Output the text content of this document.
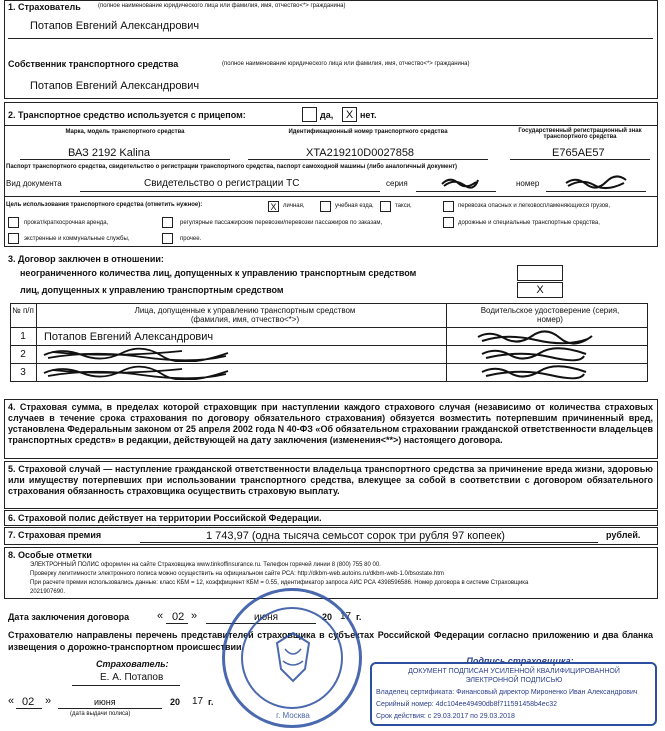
1. Страхователь	(полное наименование юридического лица или фамилия, имя, отчество<*> гражданина)
Потапов Евгений Александрович
Собственник транспортного средства	(полное наименование юридического лица или фамилия, имя, отчество<*> гражданина)
Потапов Евгений Александрович
2. Транспортное средство используется с прицепом:	да,	X нет.
Марка, модель транспортного средства	Идентификационный номер транспортного средства	Государственный регистрационный знак транспортного средства
ВАЗ 2192 Kalina	XTA219210D0027858	Е765АЕ57
Паспорт транспортного средства, свидетельство о регистрации транспортного средства, паспорт самоходной машины (либо аналогичный документ)
Вид документа	Свидетельство о регистрации ТС	серия	номер
Цель использования транспортного средства (отметить нужное):	X	личная,	учебная езда,	такси,	перевозка опасных и легковоспламеняющихся грузов,
прокат/краткосрочная аренда,	регулярные пассажирские перевозки/перевозки пассажиров по заказам,	дорожные и специальные транспортные средства,
экстренные и коммунальные службы,	прочее.
3. Договор заключен в отношении:
неограниченного количества лиц, допущенных к управлению транспортным средством
лиц, допущенных к управлению транспортным средством	X
№ п/п	Лица, допущенные к управлению транспортным средством (фамилия, имя, отчество<*>)
Водительское удостоверение (серия, номер)
1	Потапов Евгений Александрович
2
3
4. Страховая сумма, в пределах которой страховщик при наступлении каждого страхового случая (независимо от количества страховых случаев в течение срока страхования по договору обязательного страхования) обязуется возместить потерпевшим причиненный вред, установлена Федеральным законом от 25 апреля 2002 года N 40-ФЗ «Об обязательном страховании гражданской ответственности владельцев транспортных средств» в редакции, действующей на дату заключения (изменения<**>) настоящего договора.
5. Страховой случай — наступление гражданской ответственности владельца транспортного средства за причинение вреда жизни, здоровью или имуществу потерпевших при использовании транспортного средства, влекущее за собой в соответствии с договором обязательного страхования обязанность страховщика осуществить страховую выплату.
6. Страховой полис действует на территории Российской Федерации.
7. Страховая премия	1 743,97 (одна тысяча семьсот сорок три рубля 97 копеек)	рублей.
8. Особые отметки
ЭЛЕКТРОННЫЙ ПОЛИС оформлен на сайте Страховщика www.tinkoffinsurance.ru. Телефон горячей линии 8 (800) 755 80 00.
Проверку легитимности электронного полиса можно осуществить на официальном сайте РСА: http://dkbm-web.autoins.ru/dkbm-web-1.0/bsostate.htm
При расчете премии использовались данные: класс КБМ = 12, коэффициент КБМ = 0.55, идентификатор запроса АИС РСА 4398596586. Номер договора в системе Страховщика
2021907690.
Дата заключения договора	« 02 »	июня	20 17 г.
Страхователю направлены перечень представителей страховщика в субъектах Российской Федерации согласно приложению и два бланка извещения о дорожно-транспортном происшествии.
Страхователь:
Е. А. Потапов
« 02 »	июня	20 17 г.
(дата выдачи полиса)	г. Москва
Подпись страховщика:
ДОКУМЕНТ ПОДПИСАН УСИЛЕННОЙ КВАЛИФИЦИРОВАННОЙ
ЭЛЕКТРОННОЙ ПОДПИСЬЮ
Владелец сертификата: Финансовый директор Мироненко Иван Александрович
Серийный номер: 4dc104ee49490db8f711591458b4ec32
Срок действия: с 29.03.2017 по 29.03.2018
